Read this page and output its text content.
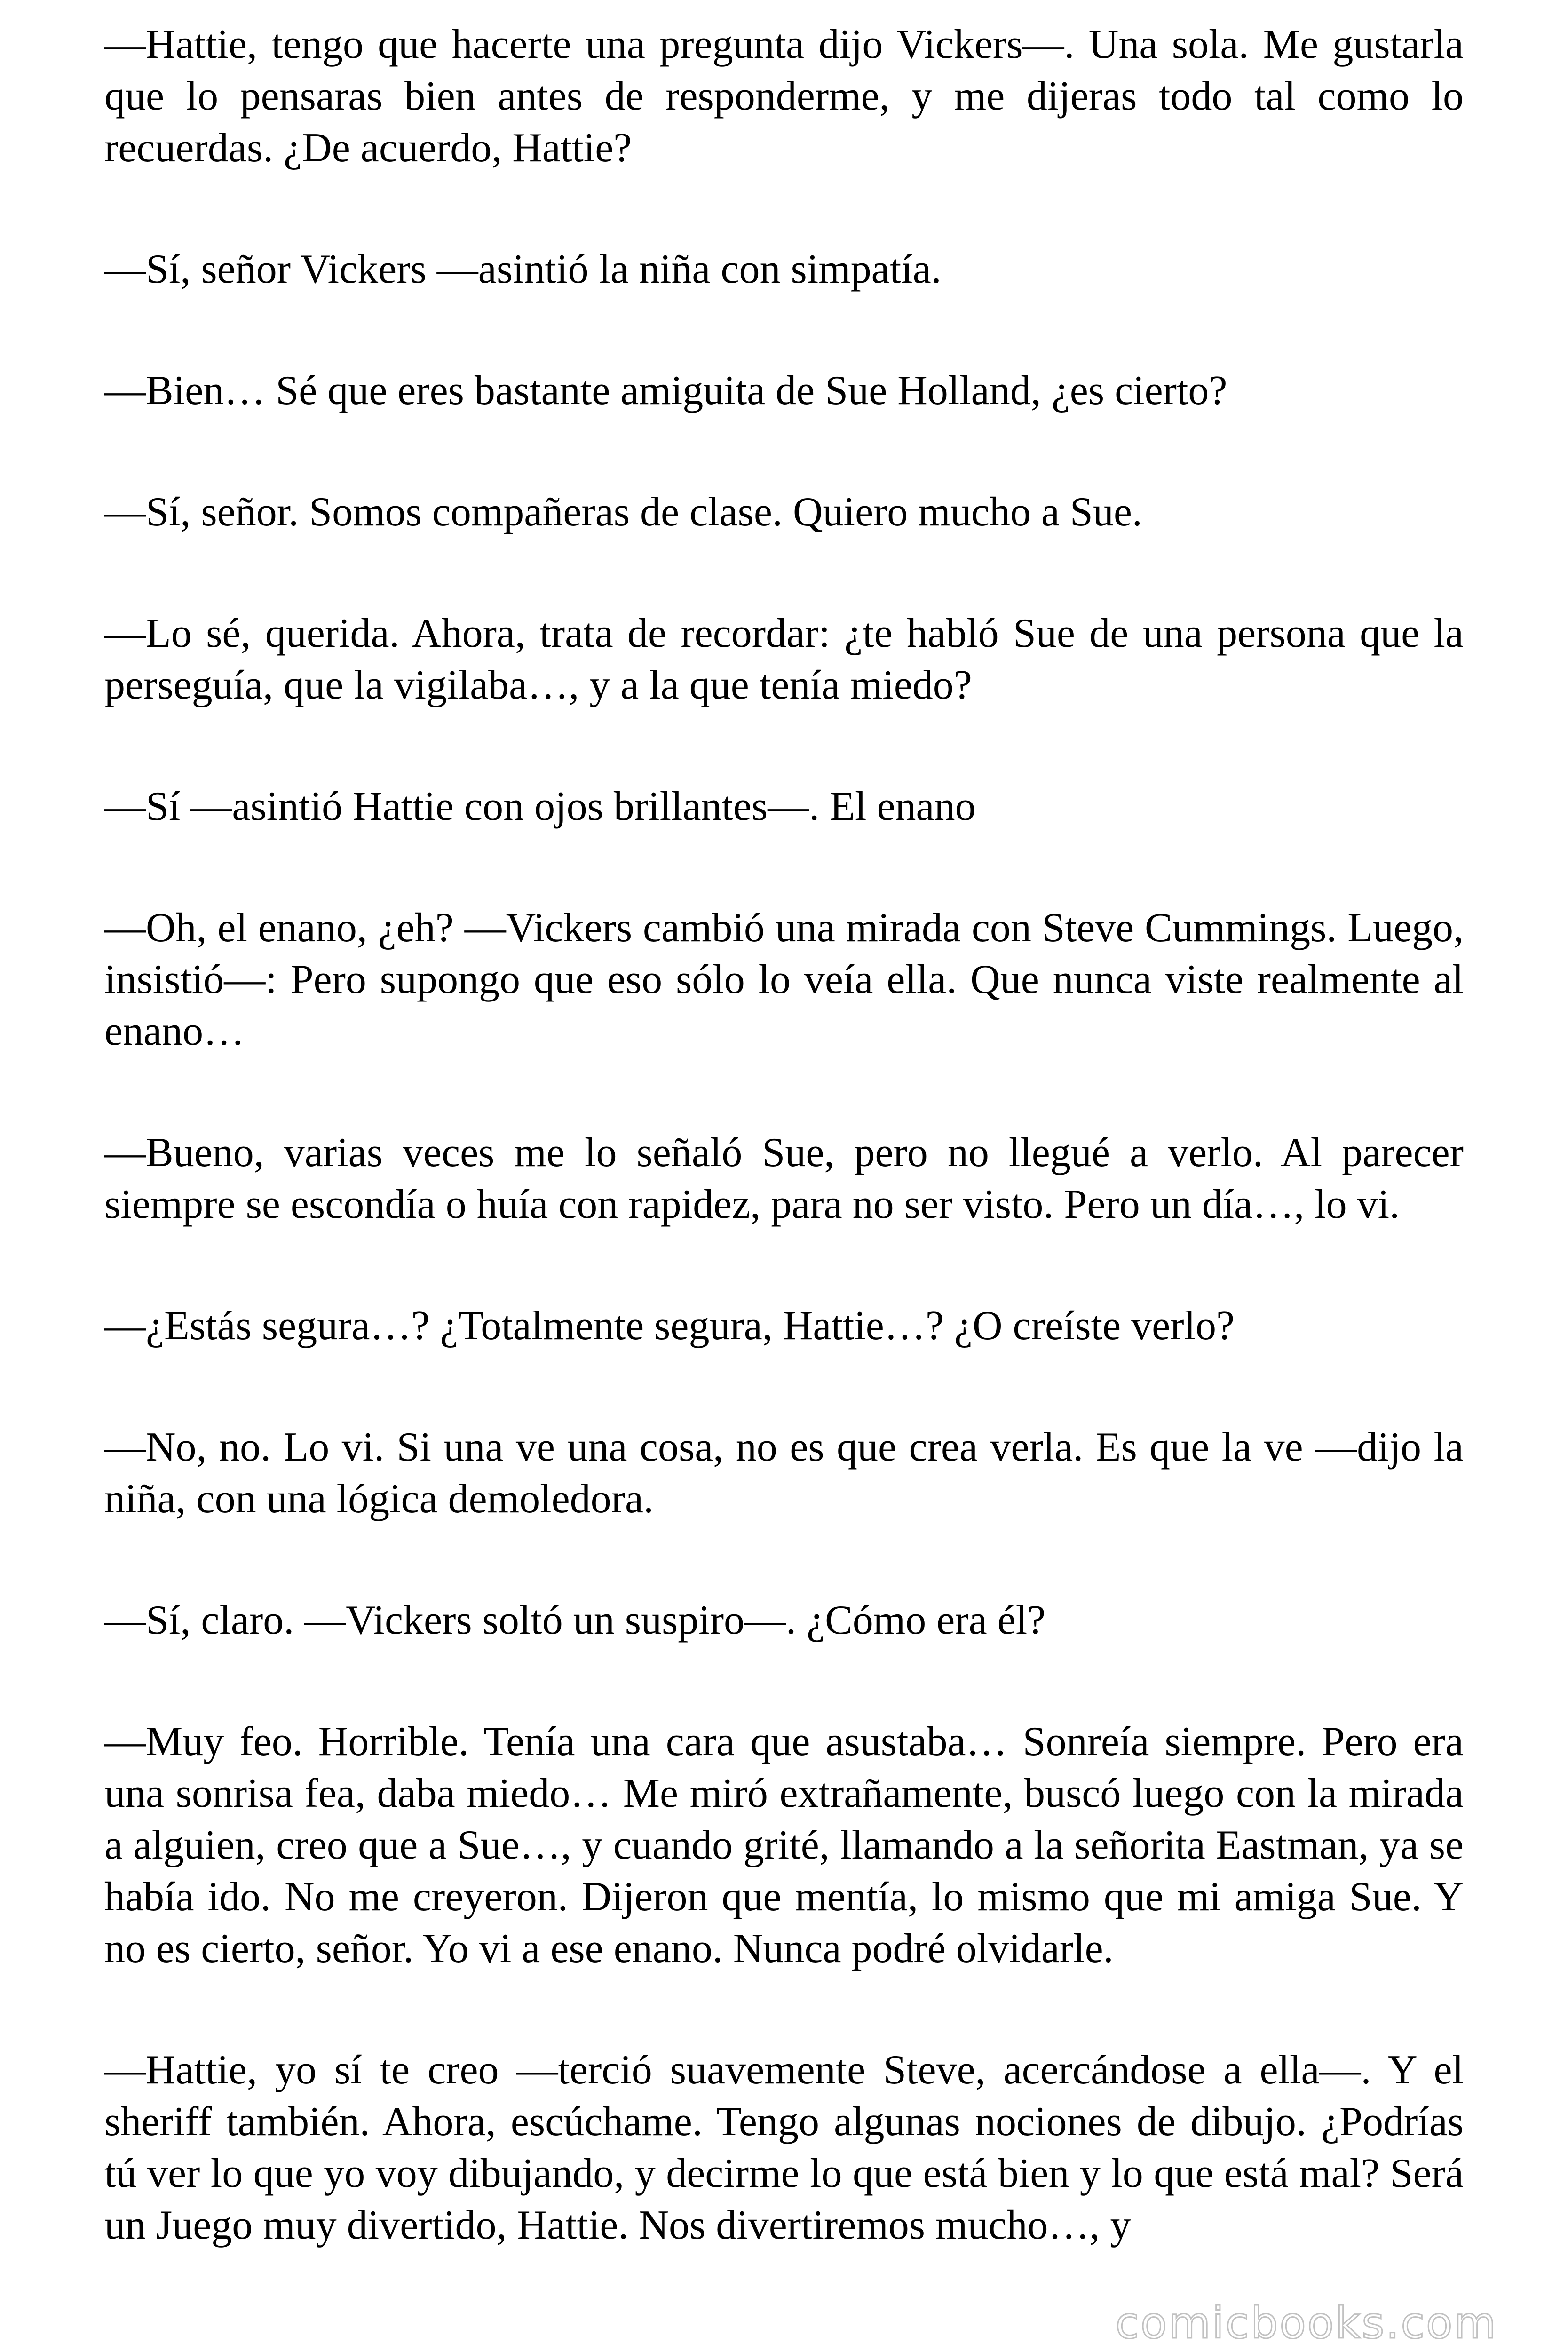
—Hattie, tengo que hacerte una pregunta dijo Vickers—. Una sola. Me gustarla que lo pensaras bien antes de responderme, y me dijeras todo tal como lo recuerdas. ¿De acuerdo, Hattie?

—Sí, señor Vickers —asintió la niña con simpatía.

—Bien… Sé que eres bastante amiguita de Sue Holland, ¿es cierto?

—Sí, señor. Somos compañeras de clase. Quiero mucho a Sue.

—Lo sé, querida. Ahora, trata de recordar: ¿te habló Sue de una persona que la perseguía, que la vigilaba…, y a la que tenía miedo?

—Sí —asintió Hattie con ojos brillantes—. El enano

—Oh, el enano, ¿eh? —Vickers cambió una mirada con Steve Cummings. Luego, insistió—: Pero supongo que eso sólo lo veía ella. Que nunca viste realmente al enano…

—Bueno, varias veces me lo señaló Sue, pero no llegué a verlo. Al parecer siempre se escondía o huía con rapidez, para no ser visto. Pero un día…, lo vi.

—¿Estás segura…? ¿Totalmente segura, Hattie…? ¿O creíste verlo?

—No, no. Lo vi. Si una ve una cosa, no es que crea verla. Es que la ve —dijo la niña, con una lógica demoledora.

—Sí, claro. —Vickers soltó un suspiro—. ¿Cómo era él?

—Muy feo. Horrible. Tenía una cara que asustaba… Sonreía siempre. Pero era una sonrisa fea, daba miedo… Me miró extrañamente, buscó luego con la mirada a alguien, creo que a Sue…, y cuando grité, llamando a la señorita Eastman, ya se había ido. No me creyeron. Dijeron que mentía, lo mismo que mi amiga Sue. Y no es cierto, señor. Yo vi a ese enano. Nunca podré olvidarle.

—Hattie, yo sí te creo —terció suavemente Steve, acercándose a ella—. Y el sheriff también. Ahora, escúchame. Tengo algunas nociones de dibujo. ¿Podrías tú ver lo que yo voy dibujando, y decirme lo que está bien y lo que está mal? Será un Juego muy divertido, Hattie. Nos divertiremos mucho…, y

comicbooks.com
